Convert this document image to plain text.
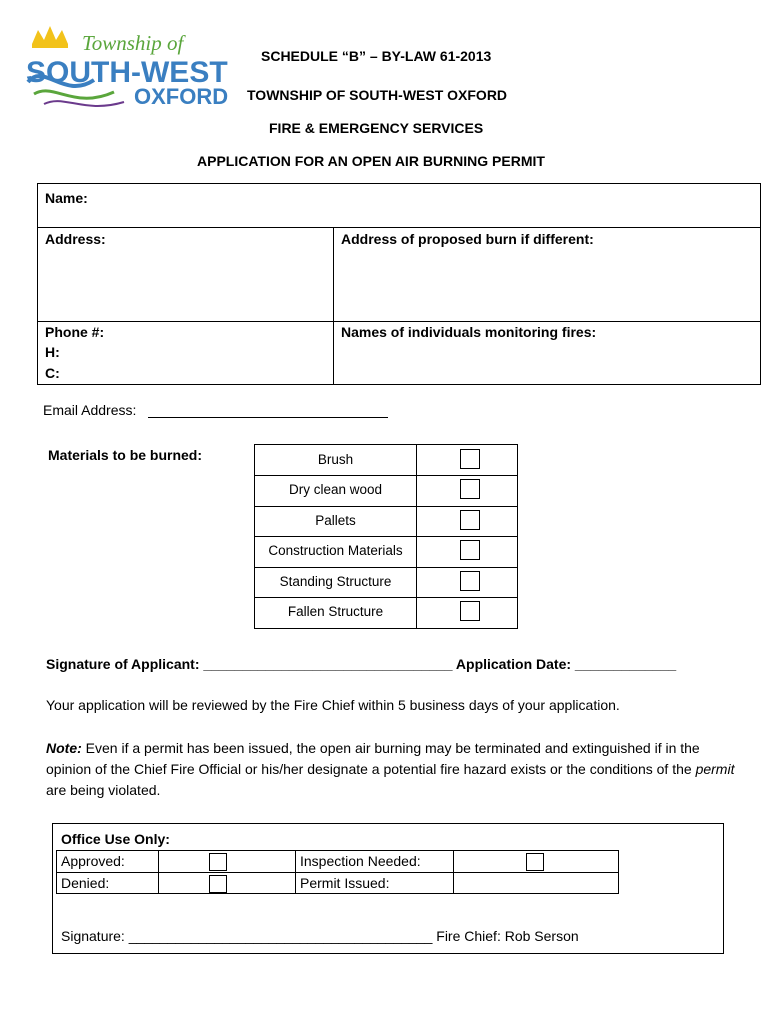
Township of
SOUTH-WEST
OXFORD
SCHEDULE “B” – BY-LAW 61-2013
TOWNSHIP OF SOUTH-WEST OXFORD
FIRE & EMERGENCY SERVICES
APPLICATION FOR AN OPEN AIR BURNING PERMIT
Name:
Address:	Address of proposed burn if different:
Phone #:
H:
C:
Names of individuals monitoring fires:
Email Address:
Materials to be burned:	Brush
Dry clean wood
Pallets
Construction Materials
Standing Structure
Fallen Structure
Signature of Applicant: ________________________________ Application Date: _____________
Your application will be reviewed by the Fire Chief within 5 business days of your application.
Note: Even if a permit has been issued, the open air burning may be terminated and extinguished if in the opinion of the Chief Fire Official or his/her designate a potential fire hazard exists or the conditions of the permit are being violated.
Office Use Only:
Approved:
Denied:
Inspection Needed:
Permit Issued:
Signature: _______________________________________ Fire Chief: Rob Serson
